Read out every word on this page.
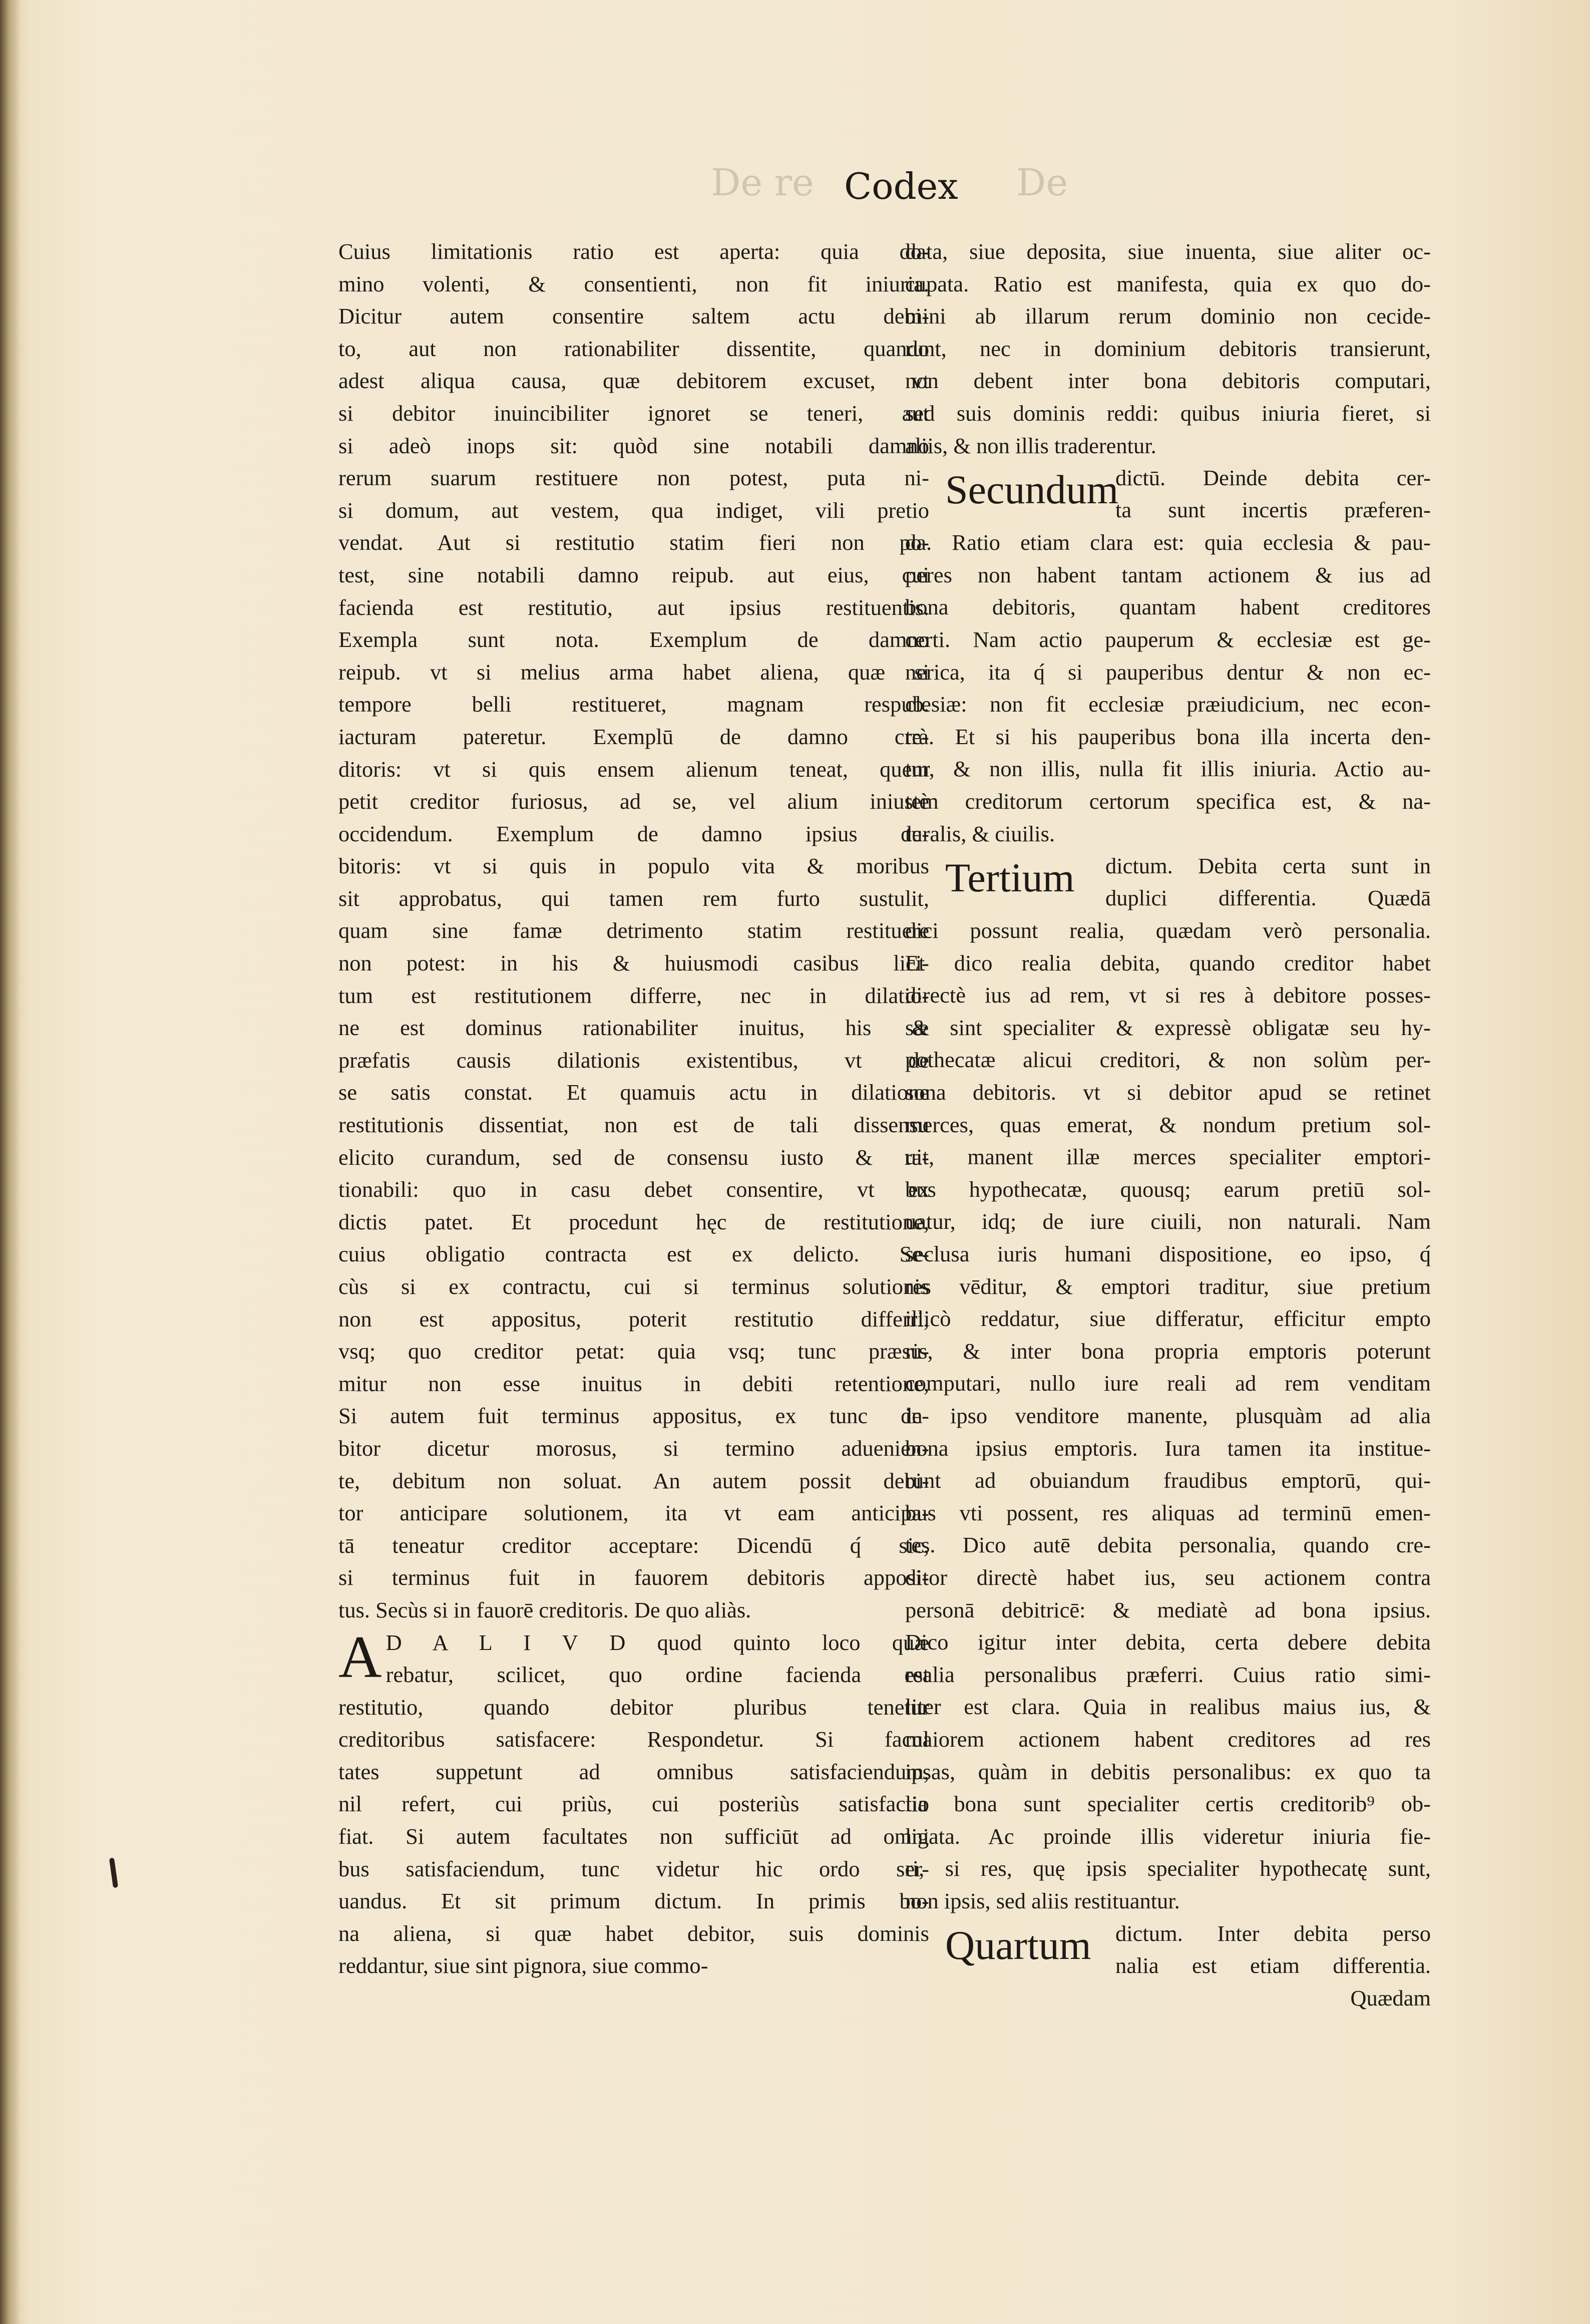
De re	De
Codex
Cuius limitationis ratio est aperta: quia do-
mino volenti, & consentienti, non fit iniuria.
Dicitur autem consentire saltem actu debi-
to, aut non rationabiliter dissentite, quando
adest aliqua causa, quæ debitorem excuset, vt
si debitor inuincibiliter ignoret se teneri, aut
si adeò inops sit: quòd sine notabili damno
rerum suarum restituere non potest, puta ni-
si domum, aut vestem, qua indiget, vili pretio
vendat. Aut si restitutio statim fieri non po-
test, sine notabili damno reipub. aut eius, cui
facienda est restitutio, aut ipsius restituentis.
Exempla sunt nota. Exemplum de damno
reipub. vt si melius arma habet aliena, quæ si
tempore belli restitueret, magnam respub.
iacturam pateretur. Exemplū de damno cre-
ditoris: vt si quis ensem alienum teneat, quem
petit creditor furiosus, ad se, vel alium iniustè
occidendum. Exemplum de damno ipsius de-
bitoris: vt si quis in populo vita & moribus
sit approbatus, qui tamen rem furto sustulit,
quam sine famæ detrimento statim restituere
non potest: in his & huiusmodi casibus lici-
tum est restitutionem differre, nec in dilatio-
ne est dominus rationabiliter inuitus, his &
præfatis causis dilationis existentibus, vt de
se satis constat. Et quamuis actu in dilatione
restitutionis dissentiat, non est de tali dissensu
elicito curandum, sed de consensu iusto & ra-
tionabili: quo in casu debet consentire, vt ex
dictis patet. Et procedunt hęc de restitutione,
cuius obligatio contracta est ex delicto. Se-
cùs si ex contractu, cui si terminus solutionis
non est appositus, poterit restitutio differri,
vsq; quo creditor petat: quia vsq; tunc præsu-
mitur non esse inuitus in debiti retentione,
Si autem fuit terminus appositus, ex tunc de-
bitor dicetur morosus, si termino aduenien-
te, debitum non soluat. An autem possit debi-
tor anticipare solutionem, ita vt eam anticipa-
tā teneatur creditor acceptare: Dicendū q́ sic,
si terminus fuit in fauorem debitoris apposi-
tus. Secùs si in fauorē creditoris. De quo aliàs.
A D A L I V D quod quinto loco quæ
rebatur, scilicet, quo ordine facienda est
restitutio, quando debitor pluribus tenetur
creditoribus satisfacere: Respondetur. Si facul
tates suppetunt ad omnibus satisfaciendum,
nil refert, cui priùs, cui posteriùs satisfactio
fiat. Si autem facultates non sufficiūt ad omni
bus satisfaciendum, tunc videtur hic ordo ser-
uandus. Et sit primum dictum. In primis bo-
na aliena, si quæ habet debitor, suis dominis
reddantur, siue sint pignora, siue commo-
data, siue deposita, siue inuenta, siue aliter oc-
cupata. Ratio est manifesta, quia ex quo do-
mini ab illarum rerum dominio non cecide-
runt, nec in dominium debitoris transierunt,
non debent inter bona debitoris computari,
sed suis dominis reddi: quibus iniuria fieret, si
aliis, & non illis traderentur.
Secundum
dictū. Deinde debita cer-
ta sunt incertis præferen-
da. Ratio etiam clara est: quia ecclesia & pau-
peres non habent tantam actionem & ius ad
bona debitoris, quantam habent creditores
certi. Nam actio pauperum & ecclesiæ est ge-
nerica, ita q́ si pauperibus dentur & non ec-
clesiæ: non fit ecclesiæ præiudicium, nec econ-
trà. Et si his pauperibus bona illa incerta den-
tur, & non illis, nulla fit illis iniuria. Actio au-
tem creditorum certorum specifica est, & na-
turalis, & ciuilis.
Tertium dictum. Debita certa sunt in
duplici differentia. Quædā
dici possunt realia, quædam verò personalia.
Et dico realia debita, quando creditor habet
directè ius ad rem, vt si res à debitore posses-
sæ sint specialiter & expressè obligatæ seu hy-
pothecatæ alicui creditori, & non solùm per-
sona debitoris. vt si debitor apud se retinet
merces, quas emerat, & nondum pretium sol-
uit, manent illæ merces specialiter emptori-
bus hypothecatæ, quousq; earum pretiū sol-
uatur, idq; de iure ciuili, non naturali. Nam
seclusa iuris humani dispositione, eo ipso, q́
res vēditur, & emptori traditur, siue pretium
illicò reddatur, siue differatur, efficitur empto
ris, & inter bona propria emptoris poterunt
computari, nullo iure reali ad rem venditam
in ipso venditore manente, plusquàm ad alia
bona ipsius emptoris. Iura tamen ita institue-
runt ad obuiandum fraudibus emptorū, qui-
bus vti possent, res aliquas ad terminū emen-
tes. Dico autē debita personalia, quando cre-
ditor directè habet ius, seu actionem contra
personā debitricē: & mediatè ad bona ipsius.
Dico igitur inter debita, certa debere debita
realia personalibus præferri. Cuius ratio simi-
liter est clara. Quia in realibus maius ius, &
maiorem actionem habent creditores ad res
ipsas, quàm in debitis personalibus: ex quo ta
lia bona sunt specialiter certis creditorib⁹ ob-
ligata. Ac proinde illis videretur iniuria fie-
ri, si res, quę ipsis specialiter hypothecatę sunt,
non ipsis, sed aliis restituantur.
Quartum dictum. Inter debita perso
nalia est etiam differentia.
Quædam
